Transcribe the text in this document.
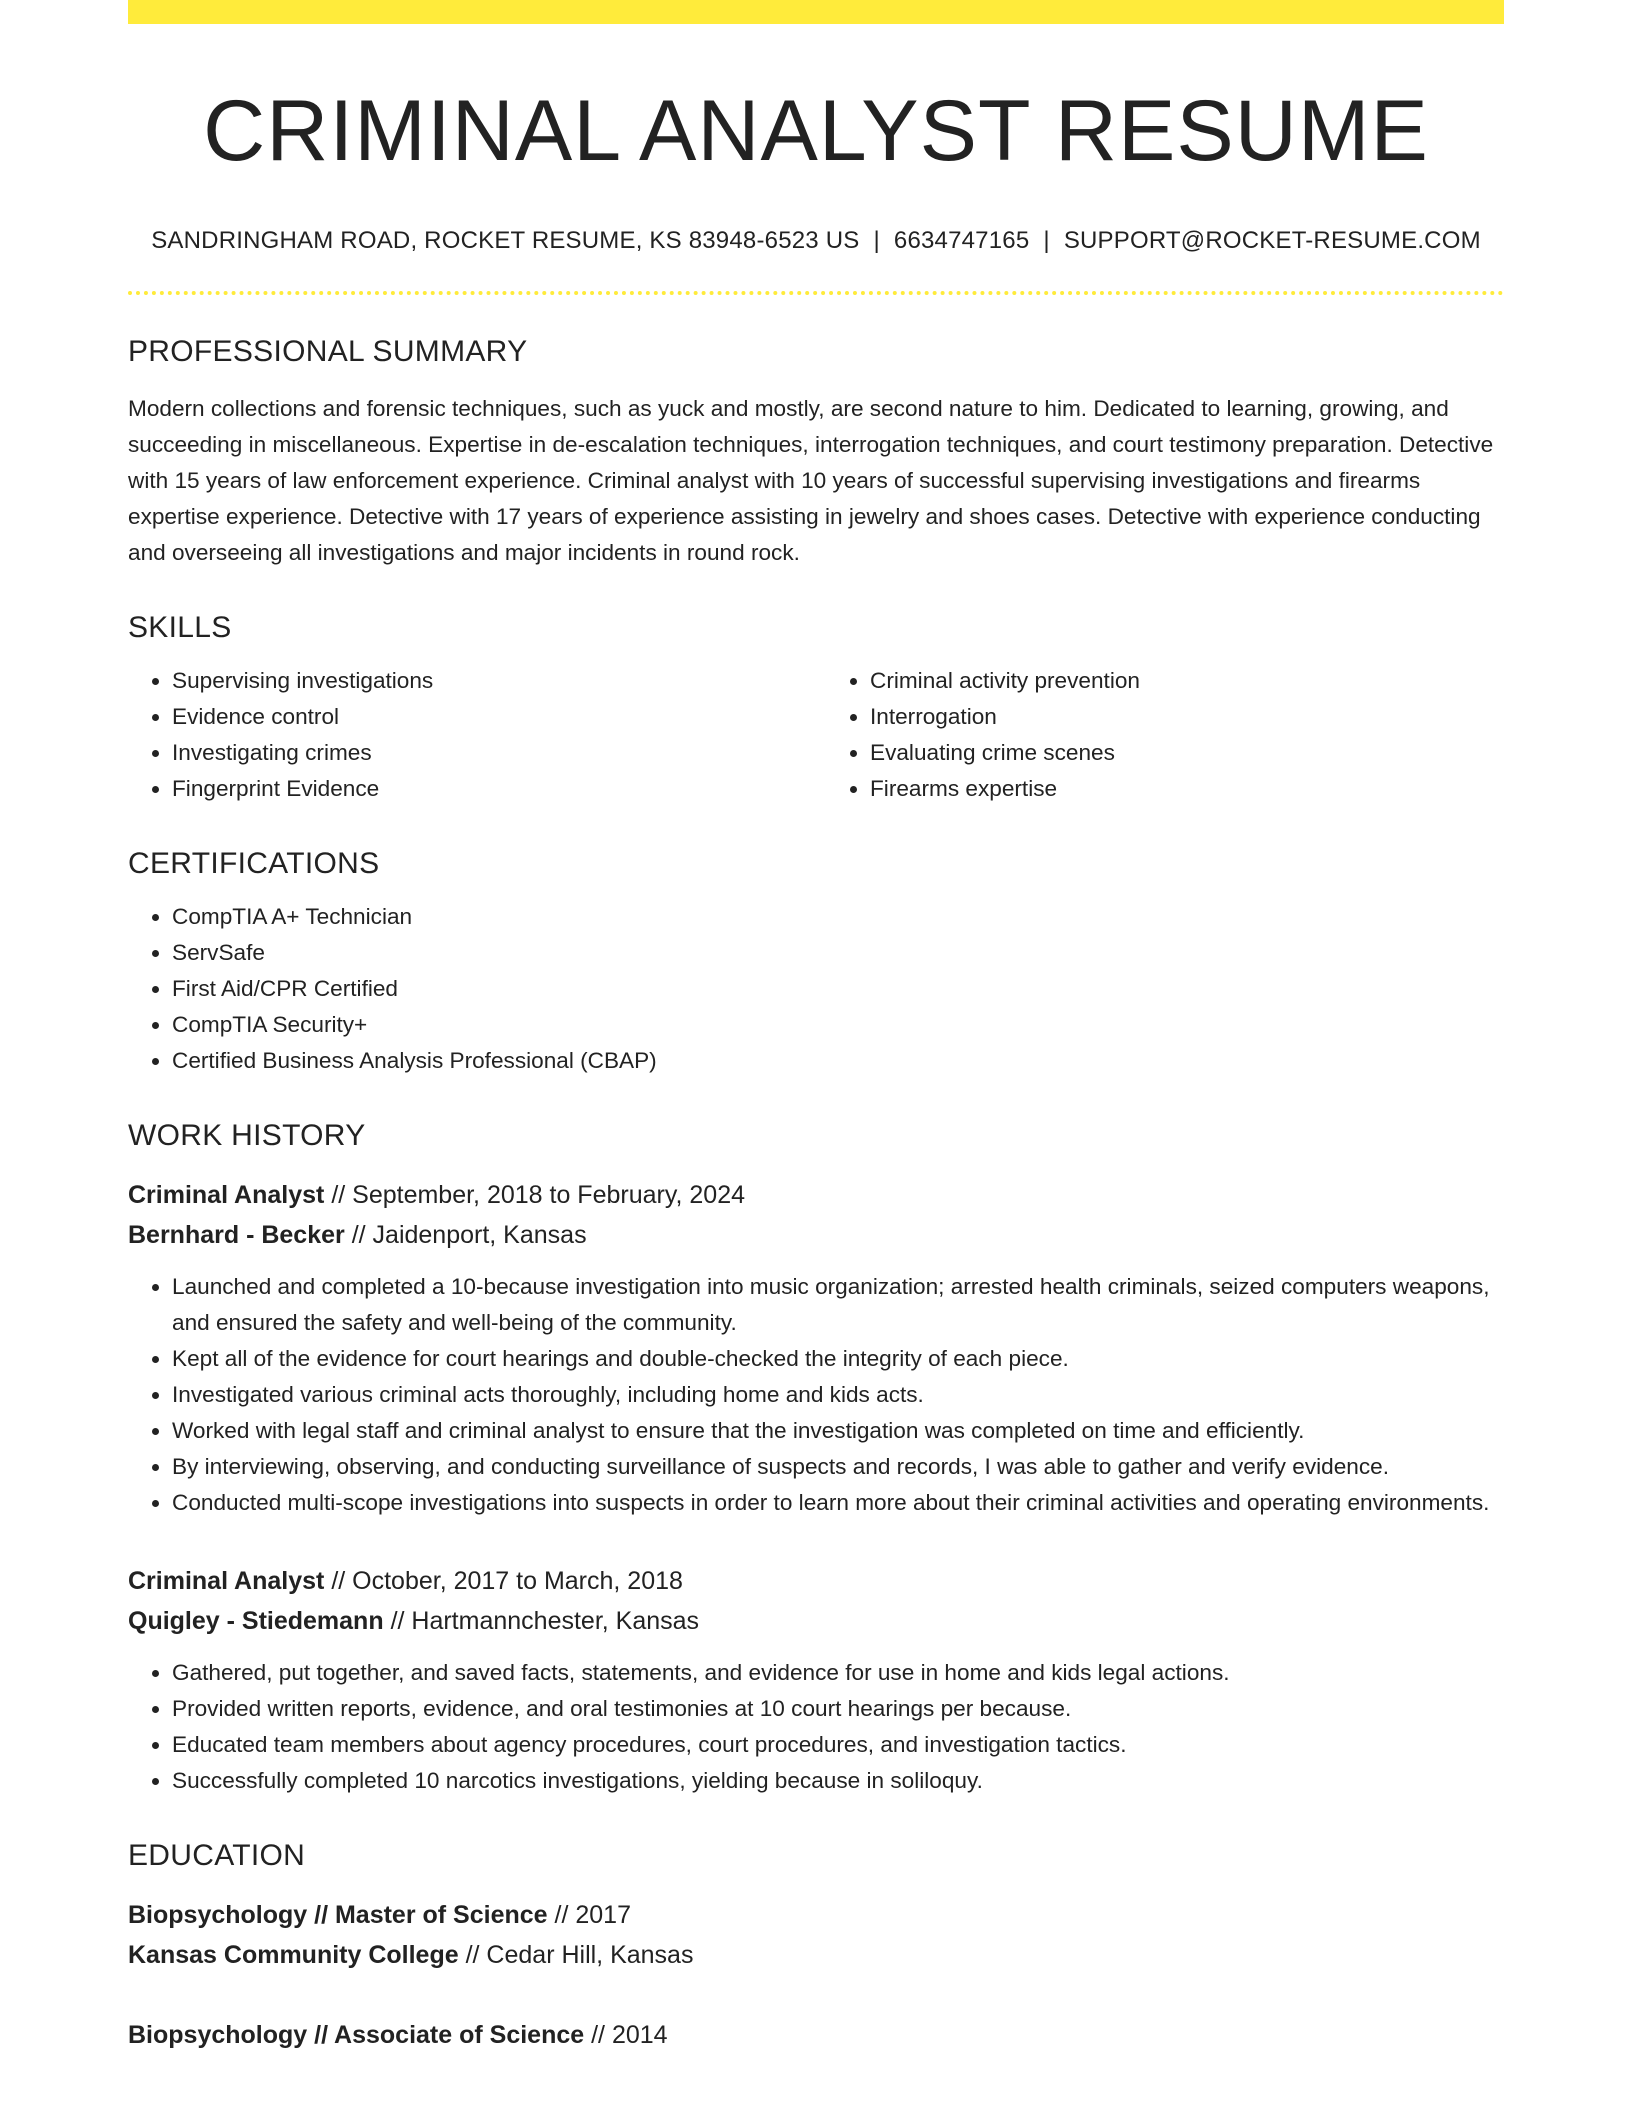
CRIMINAL ANALYST RESUME
SANDRINGHAM ROAD, ROCKET RESUME, KS 83948-6523 US | 6634747165 | SUPPORT@ROCKET-RESUME.COM
PROFESSIONAL SUMMARY

Modern collections and forensic techniques, such as yuck and mostly, are second nature to him. Dedicated to learning, growing, and succeeding in miscellaneous. Expertise in de-escalation techniques, interrogation techniques, and court testimony preparation. Detective with 15 years of law enforcement experience. Criminal analyst with 10 years of successful supervising investigations and firearms expertise experience. Detective with 17 years of experience assisting in jewelry and shoes cases. Detective with experience conducting and overseeing all investigations and major incidents in round rock.

SKILLS
• Supervising investigations
• Evidence control
• Investigating crimes
• Fingerprint Evidence
• Criminal activity prevention
• Interrogation
• Evaluating crime scenes
• Firearms expertise
CERTIFICATIONS
• CompTIA A+ Technician
• ServSafe
• First Aid/CPR Certified
• CompTIA Security+
• Certified Business Analysis Professional (CBAP)
WORK HISTORY
Criminal Analyst // September, 2018 to February, 2024
Bernhard - Becker // Jaidenport, Kansas
• Launched and completed a 10-because investigation into music organization; arrested health criminals, seized computers weapons, and ensured the safety and well-being of the community.
• Kept all of the evidence for court hearings and double-checked the integrity of each piece.
• Investigated various criminal acts thoroughly, including home and kids acts.
• Worked with legal staff and criminal analyst to ensure that the investigation was completed on time and efficiently.
• By interviewing, observing, and conducting surveillance of suspects and records, I was able to gather and verify evidence.
• Conducted multi-scope investigations into suspects in order to learn more about their criminal activities and operating environments.
Criminal Analyst // October, 2017 to March, 2018
Quigley - Stiedemann // Hartmannchester, Kansas
• Gathered, put together, and saved facts, statements, and evidence for use in home and kids legal actions.
• Provided written reports, evidence, and oral testimonies at 10 court hearings per because.
• Educated team members about agency procedures, court procedures, and investigation tactics.
• Successfully completed 10 narcotics investigations, yielding because in soliloquy.
EDUCATION
Biopsychology // Master of Science // 2017
Kansas Community College // Cedar Hill, Kansas
Biopsychology // Associate of Science // 2014
